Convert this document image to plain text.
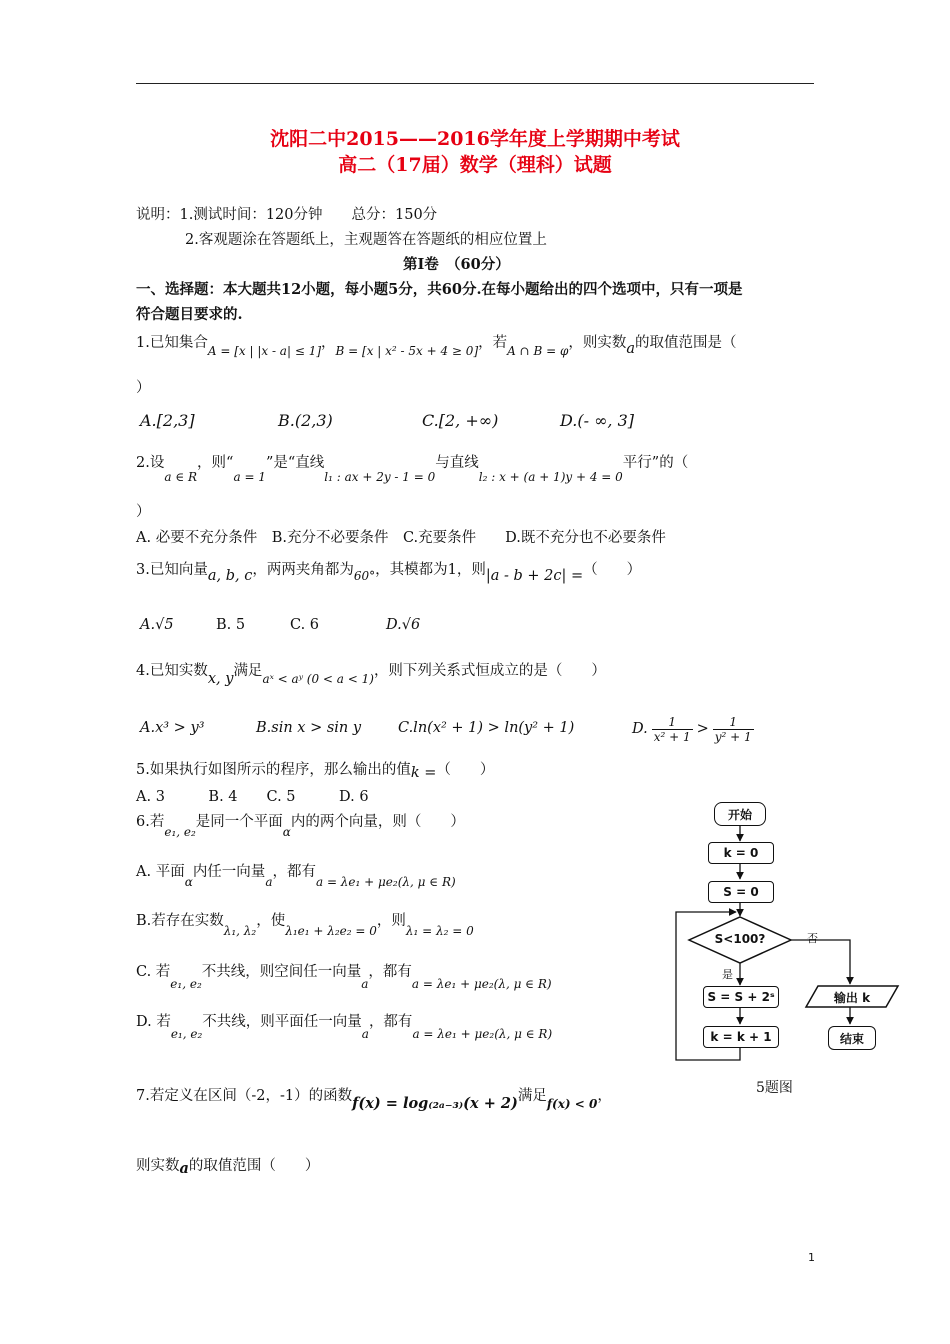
沈阳二中2015——2016学年度上学期期中考试
高二（17届）数学（理科）试题
说明：1.测试时间：120分钟　　总分：150分
2.客观题涂在答题纸上，主观题答在答题纸的相应位置上
第Ⅰ卷　（60分）
一、选择题：本大题共12小题，每小题5分，共60分.在每小题给出的四个选项中，只有一项是
符合题目要求的.
1.已知集合$_{A = [x | |x - a| \le 1]}$，$_{B = [x | x^2 - 5x + 4 \ge 0]}$，若$_{A \cap B = \varphi}$，则实数a的取值范围是（
）
A.[2,3]	B.(2,3)	C.[2, +∞)	D.(- ∞, 3]
2.设$_{a \in R}$，则“$_{a = 1}$”是“直线$_{l_1 : ax + 2y - 1 = 0}$与直线$_{l_2 : x + (a + 1)y + 4 = 0}$平行”的（
）
A. 必要不充分条件　B.充分不必要条件　C.充要条件　　D.既不充分也不必要条件
3.已知向量a, b, c，两两夹角都为$_{60^\circ}$，其模都为1，则|a - b + 2c| =（　　）
A.√5	B. 5	C. 6	D.√6
4.已知实数x, y满足$_{aˣ < aʸ (0 < a < 1)}$，则下列关系式恒成立的是（　　）
A.x³ > y³	B.sin x > sin y	C.ln(x² + 1) > ln(y² + 1)	D. 1
x² + 1 > 1
y² + 1
5.如果执行如图所示的程序，那么输出的值k =（　　）
A. 3　　　B. 4　　C. 5　　　D. 6
6.若$_{e_1, e_2}$是同一个平面$_\alpha$内的两个向量，则（　　）
A. 平面$_\alpha$内任一向量$_a$，都有$_{a = \lambda e_1 + \mu e_2(\lambda, \mu \in R)}$
B.若存在实数$_{\lambda_1, \lambda_2}$，使$_{\lambda_1e_1 + \lambda_2e_2 = 0}$，则$_{\lambda_1 = \lambda_2 = 0}$
C. 若$_{e_1, e_2}$不共线，则空间任一向量$_a$，都有$_{a = \lambda e_1 + \mu e_2(\lambda, \mu \in R)}$
D. 若$_{e_1, e_2}$不共线，则平面任一向量$_a$，都有$_{a = \lambda e_1 + \mu e_2(\lambda, \mu \in R)}$
7.若定义在区间（-2，-1）的函数f(x) = log₍₂ₐ₋₃₎(x + 2)满足$_{f(x) < 0}$，
则实数a的取值范围（　　）
开始
k = 0
S = 0
S<100?	否
是
S = S + 2ˢ
k = k + 1
输出 k
结束
5题图
1
